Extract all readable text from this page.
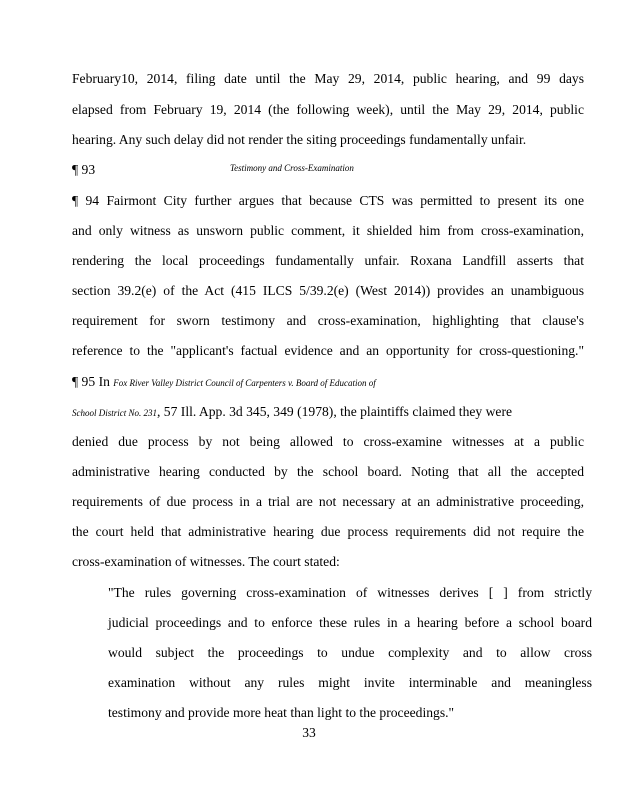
February10, 2014, filing date until the May 29, 2014, public hearing, and 99 days
elapsed from February 19, 2014 (the following week), until the May 29, 2014, public
hearing. Any such delay did not render the siting proceedings fundamentally unfair.
¶ 93	Testimony and Cross-Examination
¶ 94 Fairmont City further argues that because CTS was permitted to present its one
and only witness as unsworn public comment, it shielded him from cross-examination,
rendering the local proceedings fundamentally unfair. Roxana Landfill asserts that
section 39.2(e) of the Act (415 ILCS 5/39.2(e) (West 2014)) provides an unambiguous
requirement for sworn testimony and cross-examination, highlighting that clause's
reference to the "applicant's factual evidence and an opportunity for cross-questioning."
¶ 95 In Fox River Valley District Council of Carpenters v. Board of Education of
School District No. 231, 57 Ill. App. 3d 345, 349 (1978), the plaintiffs claimed they were
denied due process by not being allowed to cross-examine witnesses at a public
administrative hearing conducted by the school board. Noting that all the accepted
requirements of due process in a trial are not necessary at an administrative proceeding,
the court held that administrative hearing due process requirements did not require the
cross-examination of witnesses. The court stated:
"The rules governing cross-examination of witnesses derives [ ] from strictly
judicial proceedings and to enforce these rules in a hearing before a school board
would subject the proceedings to undue complexity and to allow cross
examination without any rules might invite interminable and meaningless
testimony and provide more heat than light to the proceedings."
33
